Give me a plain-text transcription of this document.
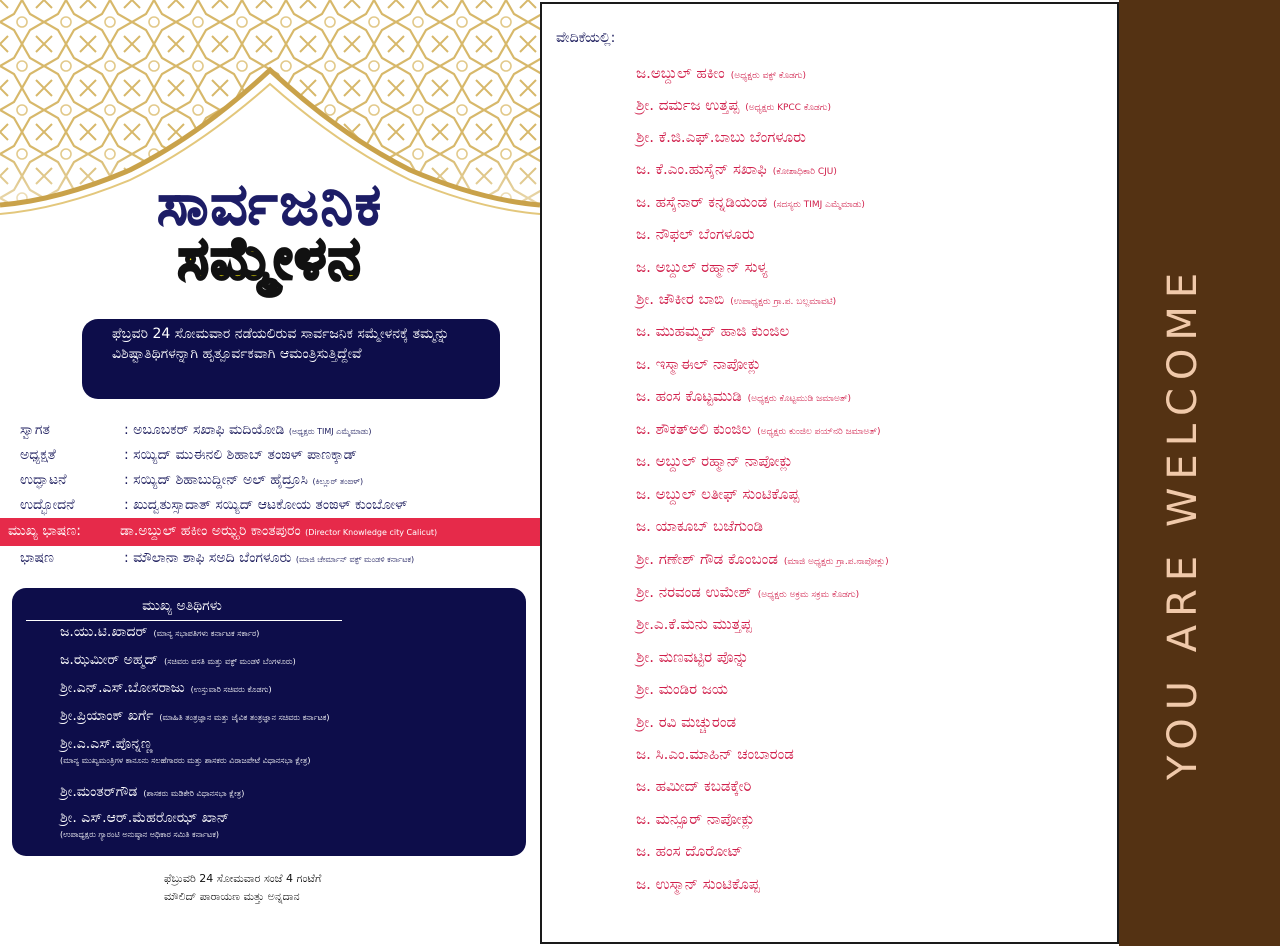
ಸಾರ್ವಜನಿಕ
ಸಮ್ಮೇಳನ
ಫೆಬ್ರವರಿ 24 ಸೋಮವಾರ ನಡೆಯಲಿರುವ ಸಾರ್ವಜನಿಕ ಸಮ್ಮೇಳನಕ್ಕೆ ತಮ್ಮನ್ನು ವಿಶಿಷ್ಟಾತಿಥಿಗಳನ್ನಾಗಿ ಹೃತ್ಪೂರ್ವಕವಾಗಿ ಆಮಂತ್ರಿಸುತ್ತಿದ್ದೇವೆ
ಸ್ವಾಗತ	: ಅಬೂಬಕರ್ ಸಖಾಫಿ ಮದಿಯೋಡಿ (ಅಧ್ಯಕ್ಷರು TIMJ ಎಮ್ಮೆಮಾಡು)
ಅಧ್ಯಕ್ಷತೆ	: ಸಯ್ಯಿದ್ ಮುಈನಲಿ ಶಿಹಾಬ್ ತಂಙಳ್ ಪಾಣಕ್ಕಾಡ್
ಉದ್ಘಾಟನೆ	: ಸಯ್ಯಿದ್ ಶಿಹಾಬುದ್ದೀನ್ ಅಲ್ ಹೈದ್ರೂಸಿ (ಕಿಲ್ಲೂರ್ ತಂಙಳ್)
ಉದ್ಭೋದನೆ	: ಖುದ್ವತುಸ್ಸಾದಾತ್ ಸಯ್ಯಿದ್ ಆಟಕೋಯ ತಂಙಳ್ ಕುಂಬೋಳ್
ಮುಖ್ಯ ಭಾಷಣ:	ಡಾ.ಅಬ್ದುಲ್ ಹಕೀಂ ಅಝ್ಹರಿ ಕಾಂತಪುರಂ (Director Knowledge city Calicut)
ಭಾಷಣ	: ಮೌಲಾನಾ ಶಾಫಿ ಸಅದಿ ಬೆಂಗಳೂರು (ಮಾಜಿ ಚೇರ್ಮಾನ್ ವಕ್ಫ್ ಮಂಡಳಿ ಕರ್ನಾಟಕ)
ಮುಖ್ಯ ಅತಿಥಿಗಳು
ಜ.ಯು.ಟಿ.ಖಾದರ್ (ಮಾನ್ಯ ಸಭಾಪತಿಗಳು ಕರ್ನಾಟಕ ಸರ್ಕಾರ)
ಜ.ಝಮೀರ್ ಅಹ್ಮದ್ (ಸಚಿವರು ವಸತಿ ಮತ್ತು ವಕ್ಫ್ ಮಂಡಳಿ ಬೆಂಗಳೂರು)
ಶ್ರೀ.ಎನ್.ಎಸ್.ಬೋಸರಾಜು (ಉಸ್ತುವಾರಿ ಸಚಿವರು ಕೊಡಗು)
ಶ್ರೀ.ಪ್ರಿಯಾಂಕ್ ಖರ್ಗೆ (ಮಾಹಿತಿ ತಂತ್ರಜ್ಞಾನ ಮತ್ತು ಜೈವಿಕ ತಂತ್ರಜ್ಞಾನ ಸಚಿವರು ಕರ್ನಾಟಕ)
ಶ್ರೀ.ಎ.ಎಸ್.ಪೊನ್ನಣ್ಣ
(ಮಾನ್ಯ ಮುಖ್ಯಮಂತ್ರಿಗಳ ಕಾನೂನು ಸಲಹೆಗಾರರು ಮತ್ತು ಶಾಸಕರು ವಿರಾಜಪೇಟೆ ವಿಧಾನಸಭಾ ಕ್ಷೇತ್ರ)
ಶ್ರೀ.ಮಂತರ್‌ಗೌಡ (ಶಾಸಕರು ಮಡಿಕೇರಿ ವಿಧಾನಸಭಾ ಕ್ಷೇತ್ರ)
ಶ್ರೀ. ಎಸ್.ಆರ್.ಮೆಹರೋಝ್ ಖಾನ್
(ಉಪಾಧ್ಯಕ್ಷರು ಗ್ಯಾರಂಟಿ ಅನುಷ್ಠಾನ ಅಧಿಕಾರ ಸಮಿತಿ ಕರ್ನಾಟಕ)
ಫೆಬ್ರುವರಿ 24 ಸೋಮವಾರ ಸಂಜೆ 4 ಗಂಟೆಗೆ
ಮೌಲಿದ್ ಪಾರಾಯಣ ಮತ್ತು ಅನ್ನದಾನ
ವೇದಿಕೆಯಲ್ಲಿ:
ಜ.ಅಬ್ದುಲ್ ಹಕೀಂ (ಅಧ್ಯಕ್ಷರು ವಕ್ಫ್ ಕೊಡಗು)
ಶ್ರೀ. ದರ್ಮಜ ಉತ್ತಪ್ಪ (ಅಧ್ಯಕ್ಷರು KPCC ಕೊಡಗು)
ಶ್ರೀ. ಕೆ.ಜಿ.ಎಫ್.ಬಾಬು ಬೆಂಗಳೂರು
ಜ. ಕೆ.ಎಂ.ಹುಸೈನ್ ಸಖಾಫಿ (ಕೋಶಾಧಿಕಾರಿ CJU)
ಜ. ಹಸೈನಾರ್ ಕನ್ನಡಿಯಂಡ (ಸದಸ್ಯರು TIMJ ಎಮ್ಮೆಮಾಡು)
ಜ. ನೌಫಲ್ ಬೆಂಗಳೂರು
ಜ. ಅಬ್ದುಲ್ ರಹ್ಮಾನ್ ಸುಳ್ಯ
ಶ್ರೀ. ಚೌಕೀರ ಬಾಬಿ (ಉಪಾಧ್ಯಕ್ಷರು ಗ್ರಾ.ಪ. ಬಲ್ಲಮಾವಟಿ)
ಜ. ಮುಹಮ್ಮದ್ ಹಾಜಿ ಕುಂಜಿಲ
ಜ. ಇಸ್ಮಾಈಲ್ ನಾಪೋಕ್ಲು
ಜ. ಹಂಸ ಕೊಟ್ಟಮುಡಿ (ಅಧ್ಯಕ್ಷರು ಕೊಟ್ಟಮುಡಿ ಜಮಾಅತ್)
ಜ. ಶೌಕತ್‌ಅಲಿ ಕುಂಜಿಲ (ಅಧ್ಯಕ್ಷರು ಕುಂಜಿಲ ಪಯ್‌ನರಿ ಜಮಾಅತ್)
ಜ. ಅಬ್ದುಲ್ ರಹ್ಮಾನ್ ನಾಪೋಕ್ಲು
ಜ. ಅಬ್ದುಲ್ ಲತೀಫ್ ಸುಂಟಿಕೊಪ್ಪ
ಜ. ಯಾಕೂಬ್ ಬಜೆಗುಂಡಿ
ಶ್ರೀ. ಗಣೇಶ್ ಗೌಡ ಕೊಂಬಂಡ (ಮಾಜಿ ಅಧ್ಯಕ್ಷರು ಗ್ರಾ.ಪ.ನಾಪೋಕ್ಲು)
ಶ್ರೀ. ನರವಂಡ ಉಮೇಶ್ (ಅಧ್ಯಕ್ಷರು ಅಕ್ರಮ ಸಕ್ರಮ ಕೊಡಗು)
ಶ್ರೀ.ಎ.ಕೆ.ಮನು ಮುತ್ತಪ್ಪ
ಶ್ರೀ. ಮಣವಟ್ಟಿರ ಪೊನ್ನು
ಶ್ರೀ. ಮಂಡಿರ ಜಯ
ಶ್ರೀ. ರವಿ ಮಚ್ಚುರಂಡ
ಜ. ಸಿ.ಎಂ.ಮಾಹಿನ್ ಚಂಬಾರಂಡ
ಜ. ಹಮೀದ್ ಕಬಡಕ್ಕೇರಿ
ಜ. ಮನ್ಸೂರ್ ನಾಪೋಕ್ಲು
ಜ. ಹಂಸ ದೊರೋಟ್
ಜ. ಉಸ್ಮಾನ್ ಸುಂಟಿಕೊಪ್ಪ
YOU ARE WELCOME
